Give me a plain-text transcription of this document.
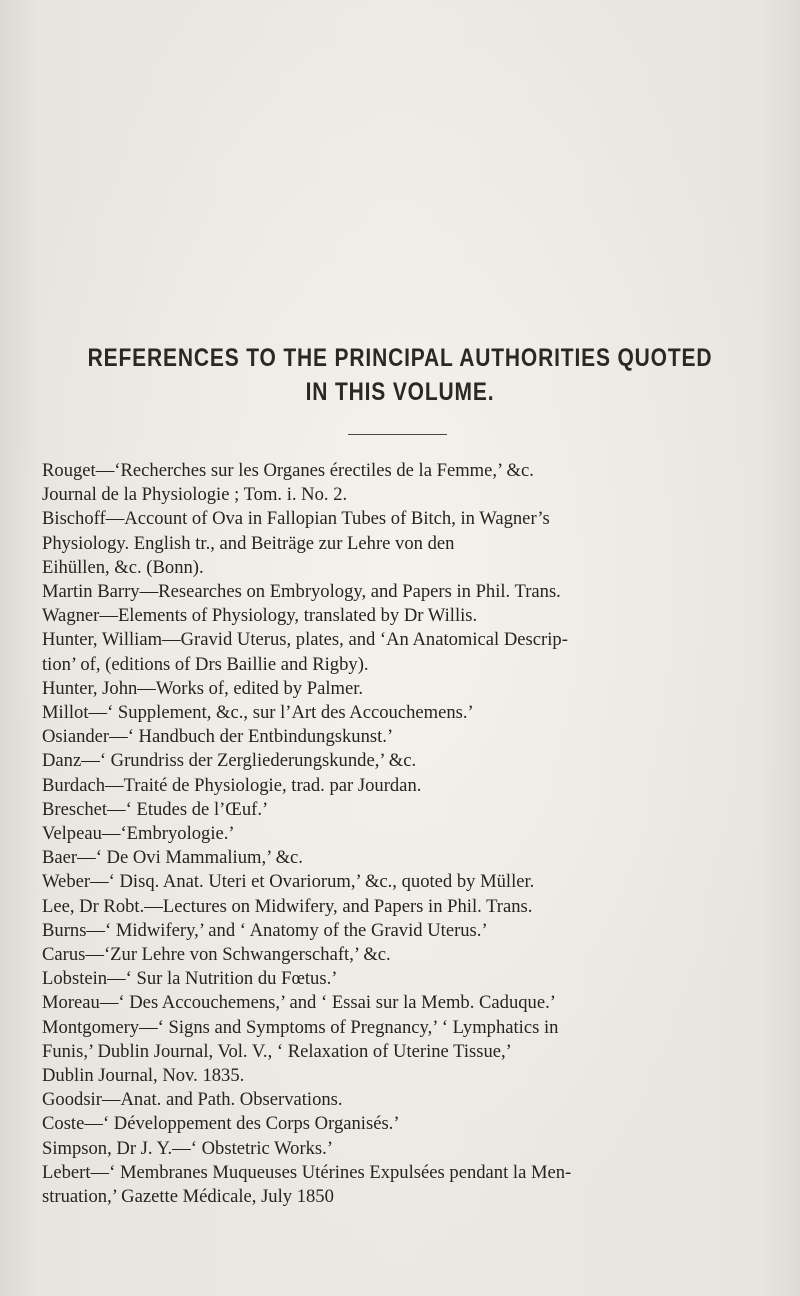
REFERENCES TO THE PRINCIPAL AUTHORITIES QUOTED
IN THIS VOLUME.
Rouget—‘Recherches sur les Organes érectiles de la Femme,’ &c.
Journal de la Physiologie ; Tom. i. No. 2.
Bischoff—Account of Ova in Fallopian Tubes of Bitch, in Wagner’s
Physiology. English tr., and Beiträge zur Lehre von den
Eihüllen, &c. (Bonn).
Martin Barry—Researches on Embryology, and Papers in Phil. Trans.
Wagner—Elements of Physiology, translated by Dr Willis.
Hunter, William—Gravid Uterus, plates, and ‘An Anatomical Descrip-
tion’ of, (editions of Drs Baillie and Rigby).
Hunter, John—Works of, edited by Palmer.
Millot—‘ Supplement, &c., sur l’Art des Accouchemens.’
Osiander—‘ Handbuch der Entbindungskunst.’
Danz—‘ Grundriss der Zergliederungskunde,’ &c.
Burdach—Traité de Physiologie, trad. par Jourdan.
Breschet—‘ Etudes de l’Œuf.’
Velpeau—‘Embryologie.’
Baer—‘ De Ovi Mammalium,’ &c.
Weber—‘ Disq. Anat. Uteri et Ovariorum,’ &c., quoted by Müller.
Lee, Dr Robt.—Lectures on Midwifery, and Papers in Phil. Trans.
Burns—‘ Midwifery,’ and ‘ Anatomy of the Gravid Uterus.’
Carus—‘Zur Lehre von Schwangerschaft,’ &c.
Lobstein—‘ Sur la Nutrition du Fœtus.’
Moreau—‘ Des Accouchemens,’ and ‘ Essai sur la Memb. Caduque.’
Montgomery—‘ Signs and Symptoms of Pregnancy,’ ‘ Lymphatics in
Funis,’ Dublin Journal, Vol. V., ‘ Relaxation of Uterine Tissue,’
Dublin Journal, Nov. 1835.
Goodsir—Anat. and Path. Observations.
Coste—‘ Développement des Corps Organisés.’
Simpson, Dr J. Y.—‘ Obstetric Works.’
Lebert—‘ Membranes Muqueuses Utérines Expulsées pendant la Men-
struation,’ Gazette Médicale, July 1850
